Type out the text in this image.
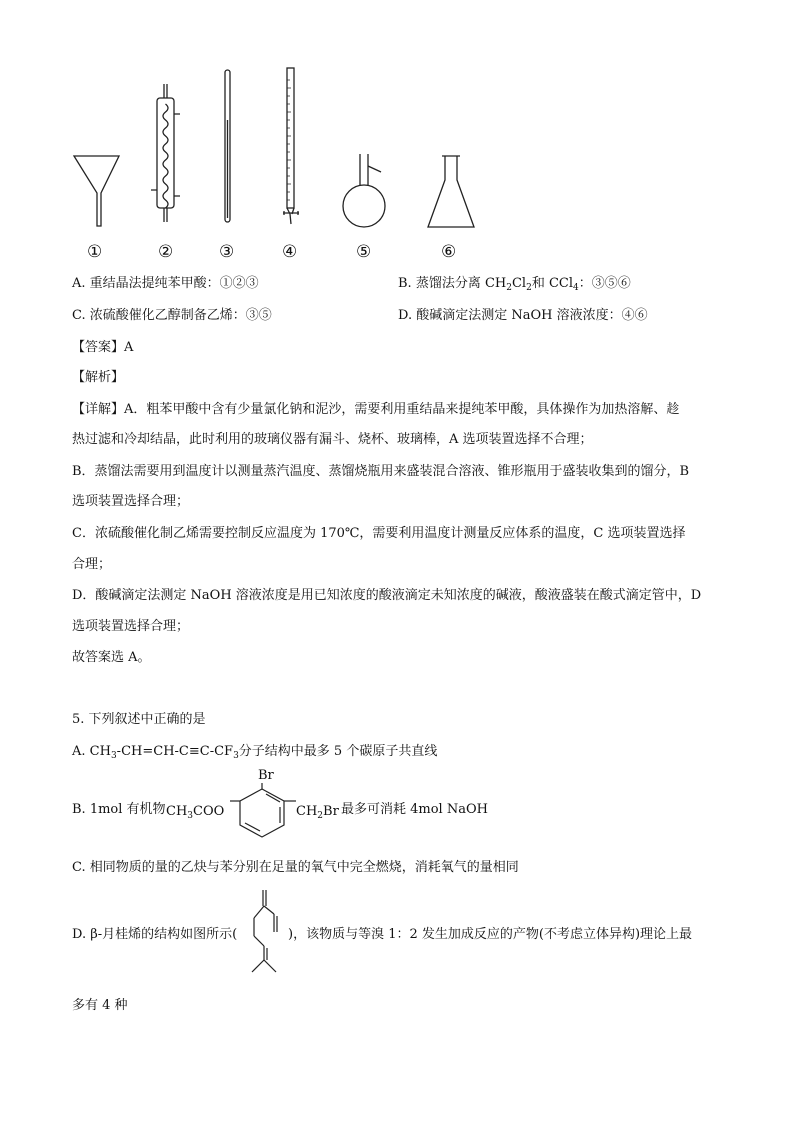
①	②	③	④	⑤	⑥
A. 重结晶法提纯苯甲酸：①②③	B. 蒸馏法分离 $CH_2Cl_2$和 CCl$_4$：③⑤⑥
C. 浓硫酸催化乙醇制备乙烯：③⑤	D. 酸碱滴定法测定 NaOH 溶液浓度：④⑥
【答案】A
【解析】
【详解】A．粗苯甲酸中含有少量氯化钠和泥沙，需要利用重结晶来提纯苯甲酸，具体操作为加热溶解、趁
热过滤和冷却结晶，此时利用的玻璃仪器有漏斗、烧杯、玻璃棒，A 选项装置选择不合理；
B．蒸馏法需要用到温度计以测量蒸汽温度、蒸馏烧瓶用来盛装混合溶液、锥形瓶用于盛装收集到的馏分，B
选项装置选择合理；
C．浓硫酸催化制乙烯需要控制反应温度为 170℃，需要利用温度计测量反应体系的温度，C 选项装置选择
合理；
D．酸碱滴定法测定 NaOH 溶液浓度是用已知浓度的酸液滴定未知浓度的碱液，酸液盛装在酸式滴定管中，D
选项装置选择合理；
故答案选 A。
5. 下列叙述中正确的是
A. $CH_3-CH=CH-C\equiv C-CF_3$分子结构中最多 5 个碳原子共直线
B. 1mol 有机物 $CH_3COO$
Br
$CH_2Br$ 最多可消耗 4mol NaOH
C. 相同物质的量的乙炔与苯分别在足量的氧气中完全燃烧，消耗氧气的量相同
D. β-月桂烯的结构如图所示(	)，该物质与等溴 1：2 发生加成反应的产物(不考虑立体异构)理论上最
多有 4 种
